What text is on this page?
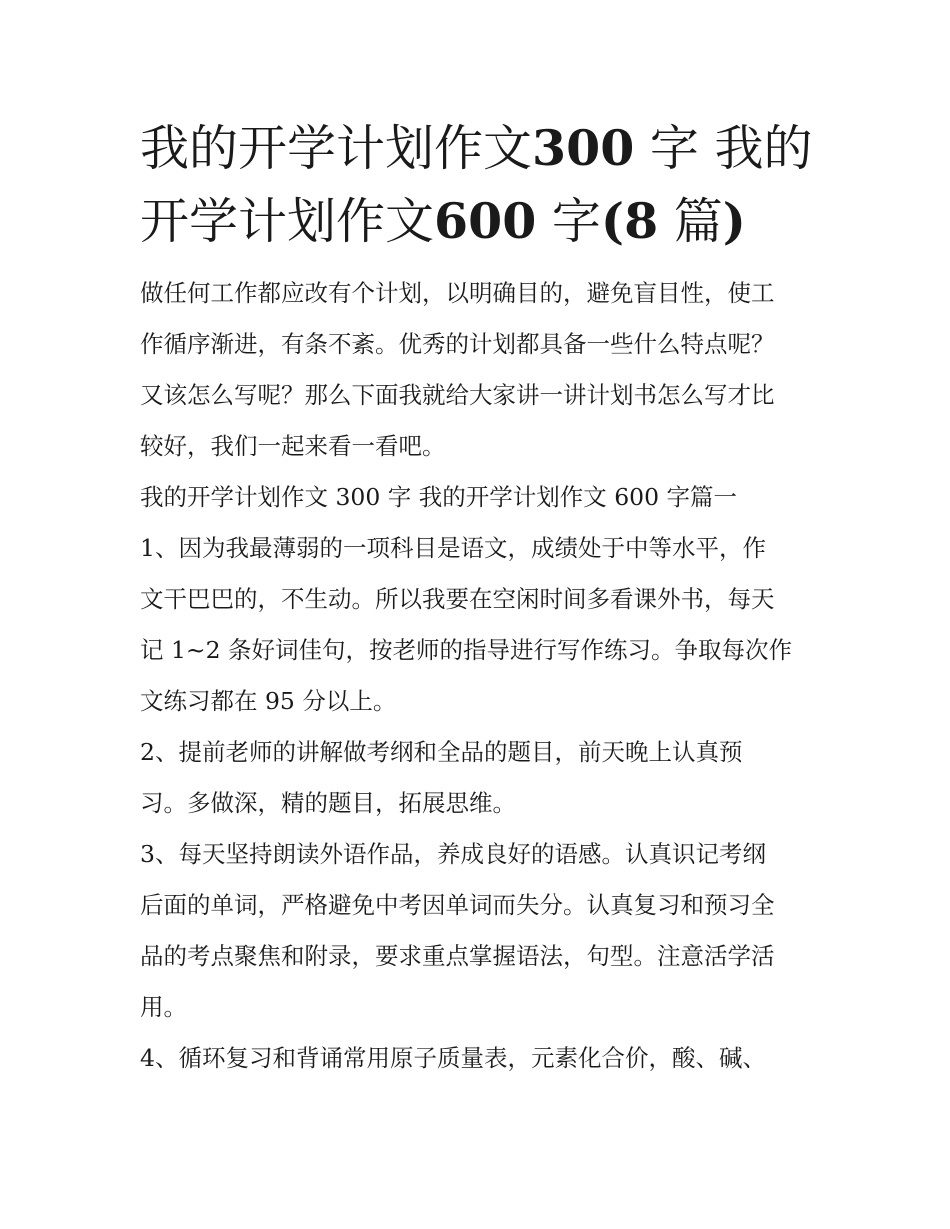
我的开学计划作文300 字 我的
开学计划作文600 字(8 篇)

做任何工作都应改有个计划，以明确目的，避免盲目性，使工
作循序渐进，有条不紊。优秀的计划都具备一些什么特点呢？
又该怎么写呢？那么下面我就给大家讲一讲计划书怎么写才比
较好，我们一起来看一看吧。

我的开学计划作文 300 字 我的开学计划作文 600 字篇一

1、因为我最薄弱的一项科目是语文，成绩处于中等水平，作
文干巴巴的，不生动。所以我要在空闲时间多看课外书，每天
记 1~2 条好词佳句，按老师的指导进行写作练习。争取每次作
文练习都在 95 分以上。

2、提前老师的讲解做考纲和全品的题目，前天晚上认真预
习。多做深，精的题目，拓展思维。

3、每天坚持朗读外语作品，养成良好的语感。认真识记考纲
后面的单词，严格避免中考因单词而失分。认真复习和预习全
品的考点聚焦和附录，要求重点掌握语法，句型。注意活学活
用。

4、循环复习和背诵常用原子质量表，元素化合价，酸、碱、
